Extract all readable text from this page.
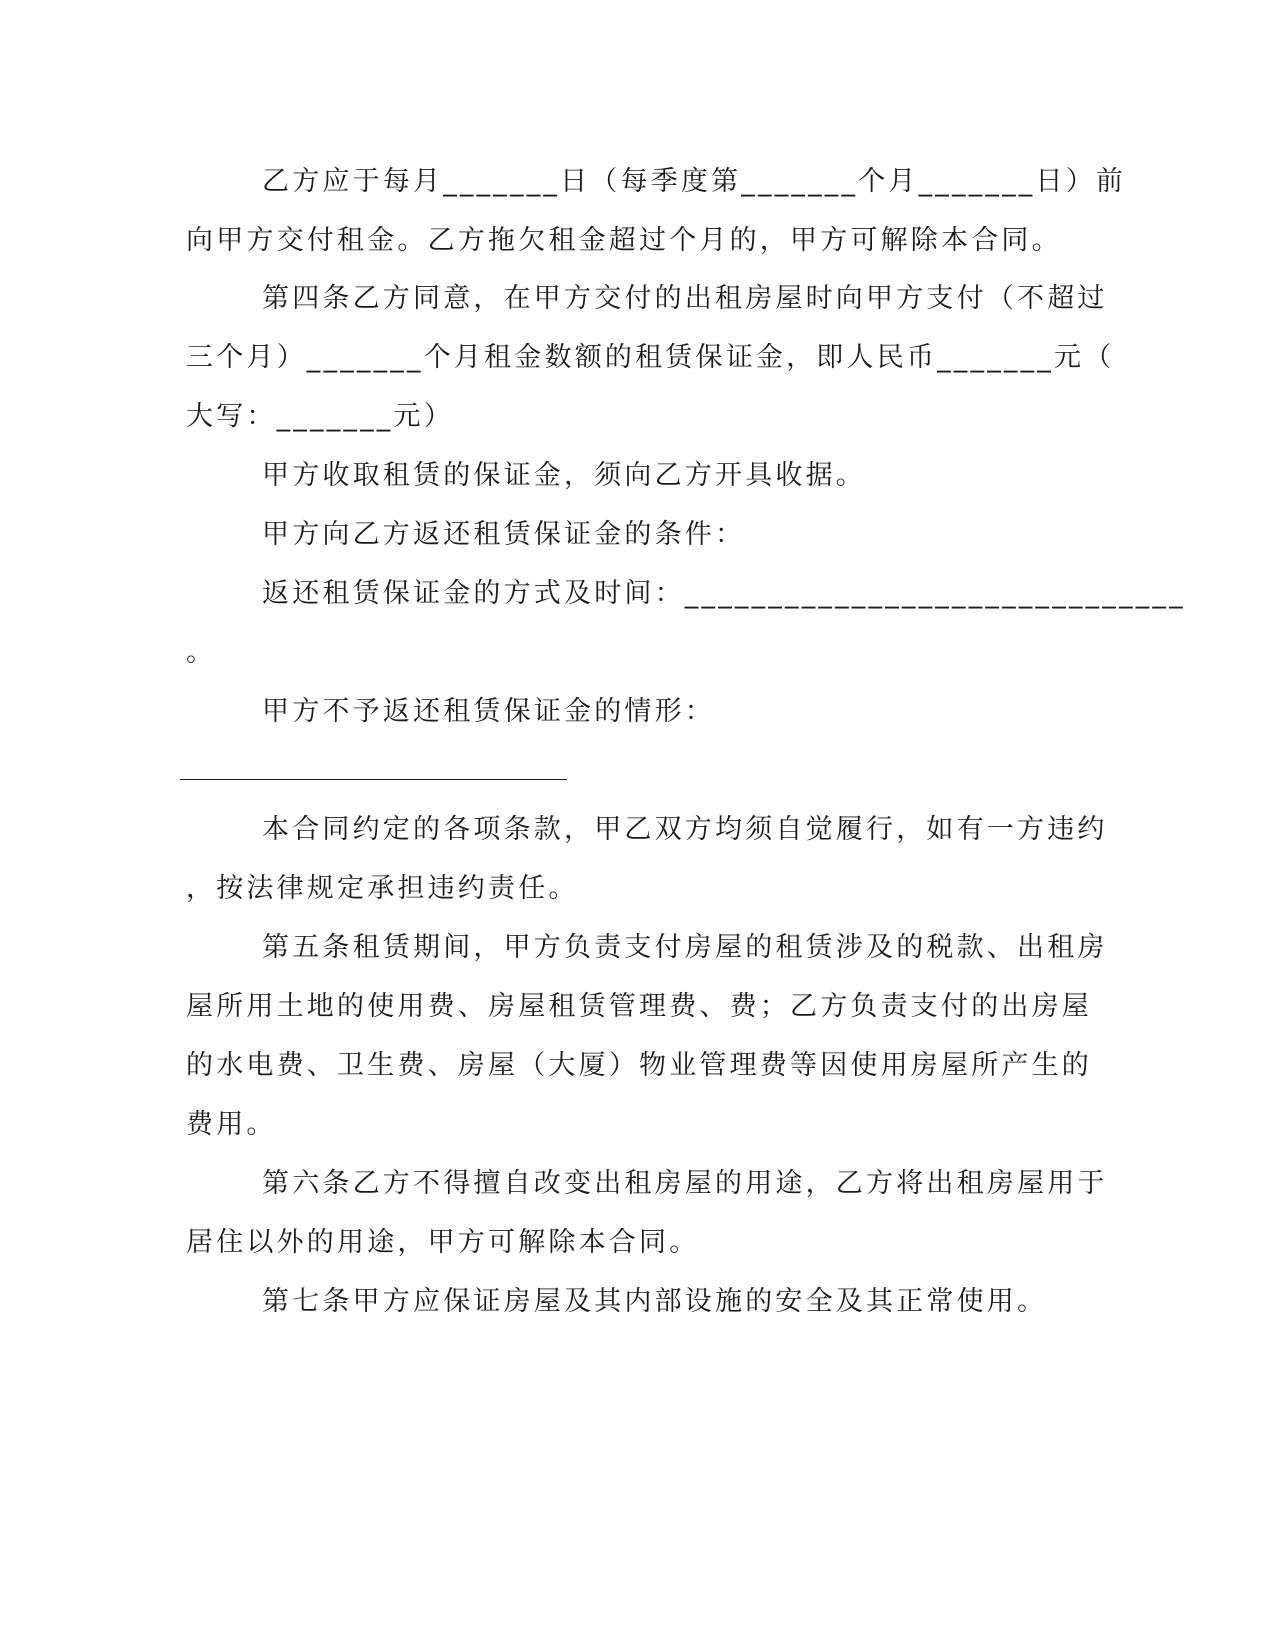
乙方应于每月_______日（每季度第_______个月_______日）前
向甲方交付租金。乙方拖欠租金超过个月的，甲方可解除本合同。
第四条乙方同意，在甲方交付的出租房屋时向甲方支付（不超过
三个月）_______个月租金数额的租赁保证金，即人民币_______元（
大写：_______元）
甲方收取租赁的保证金，须向乙方开具收据。
甲方向乙方返还租赁保证金的条件：
返还租赁保证金的方式及时间：______________________________
。
甲方不予返还租赁保证金的情形：
本合同约定的各项条款，甲乙双方均须自觉履行，如有一方违约
，按法律规定承担违约责任。
第五条租赁期间，甲方负责支付房屋的租赁涉及的税款、出租房
屋所用土地的使用费、房屋租赁管理费、费；乙方负责支付的出房屋
的水电费、卫生费、房屋（大厦）物业管理费等因使用房屋所产生的
费用。
第六条乙方不得擅自改变出租房屋的用途，乙方将出租房屋用于
居住以外的用途，甲方可解除本合同。
第七条甲方应保证房屋及其内部设施的安全及其正常使用。
